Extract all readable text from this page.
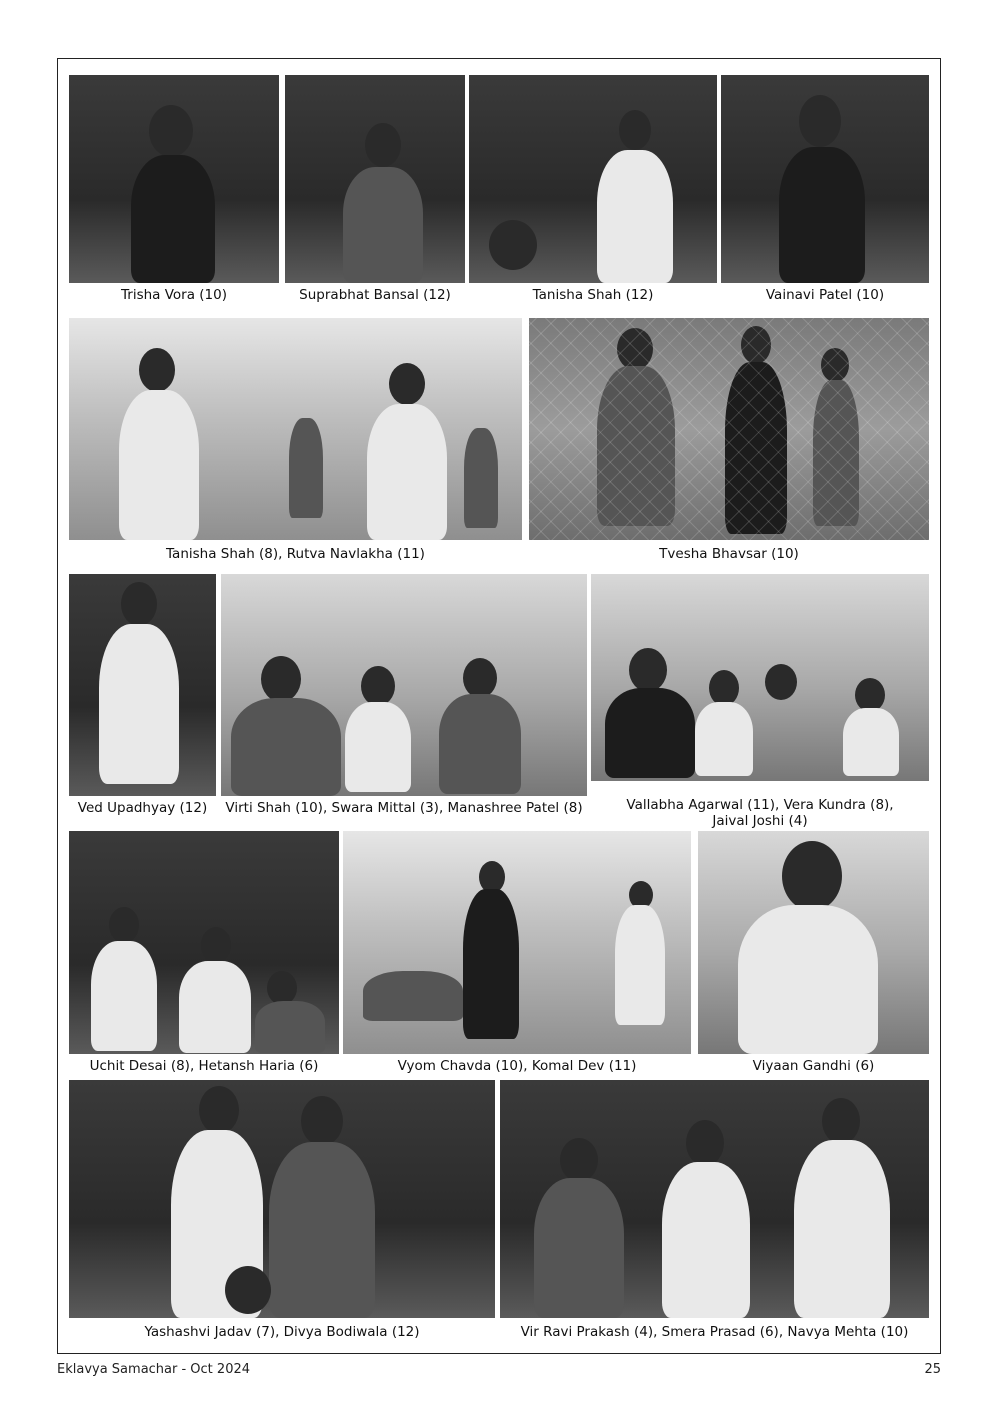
Trisha Vora (10)	Suprabhat Bansal (12)	Tanisha Shah (12)	Vainavi Patel (10)
Tanisha Shah (8), Rutva Navlakha (11)	Tvesha Bhavsar (10)
Ved Upadhyay (12)	Virti Shah (10), Swara Mittal (3), Manashree Patel (8)	Vallabha Agarwal (11), Vera Kundra (8),
Jaival Joshi (4)
Uchit Desai (8), Hetansh Haria (6)	Vyom Chavda (10), Komal Dev (11)	Viyaan Gandhi (6)
Yashashvi Jadav (7), Divya Bodiwala (12)	Vir Ravi Prakash (4), Smera Prasad (6), Navya Mehta (10)
Eklavya Samachar - Oct 2024	25
